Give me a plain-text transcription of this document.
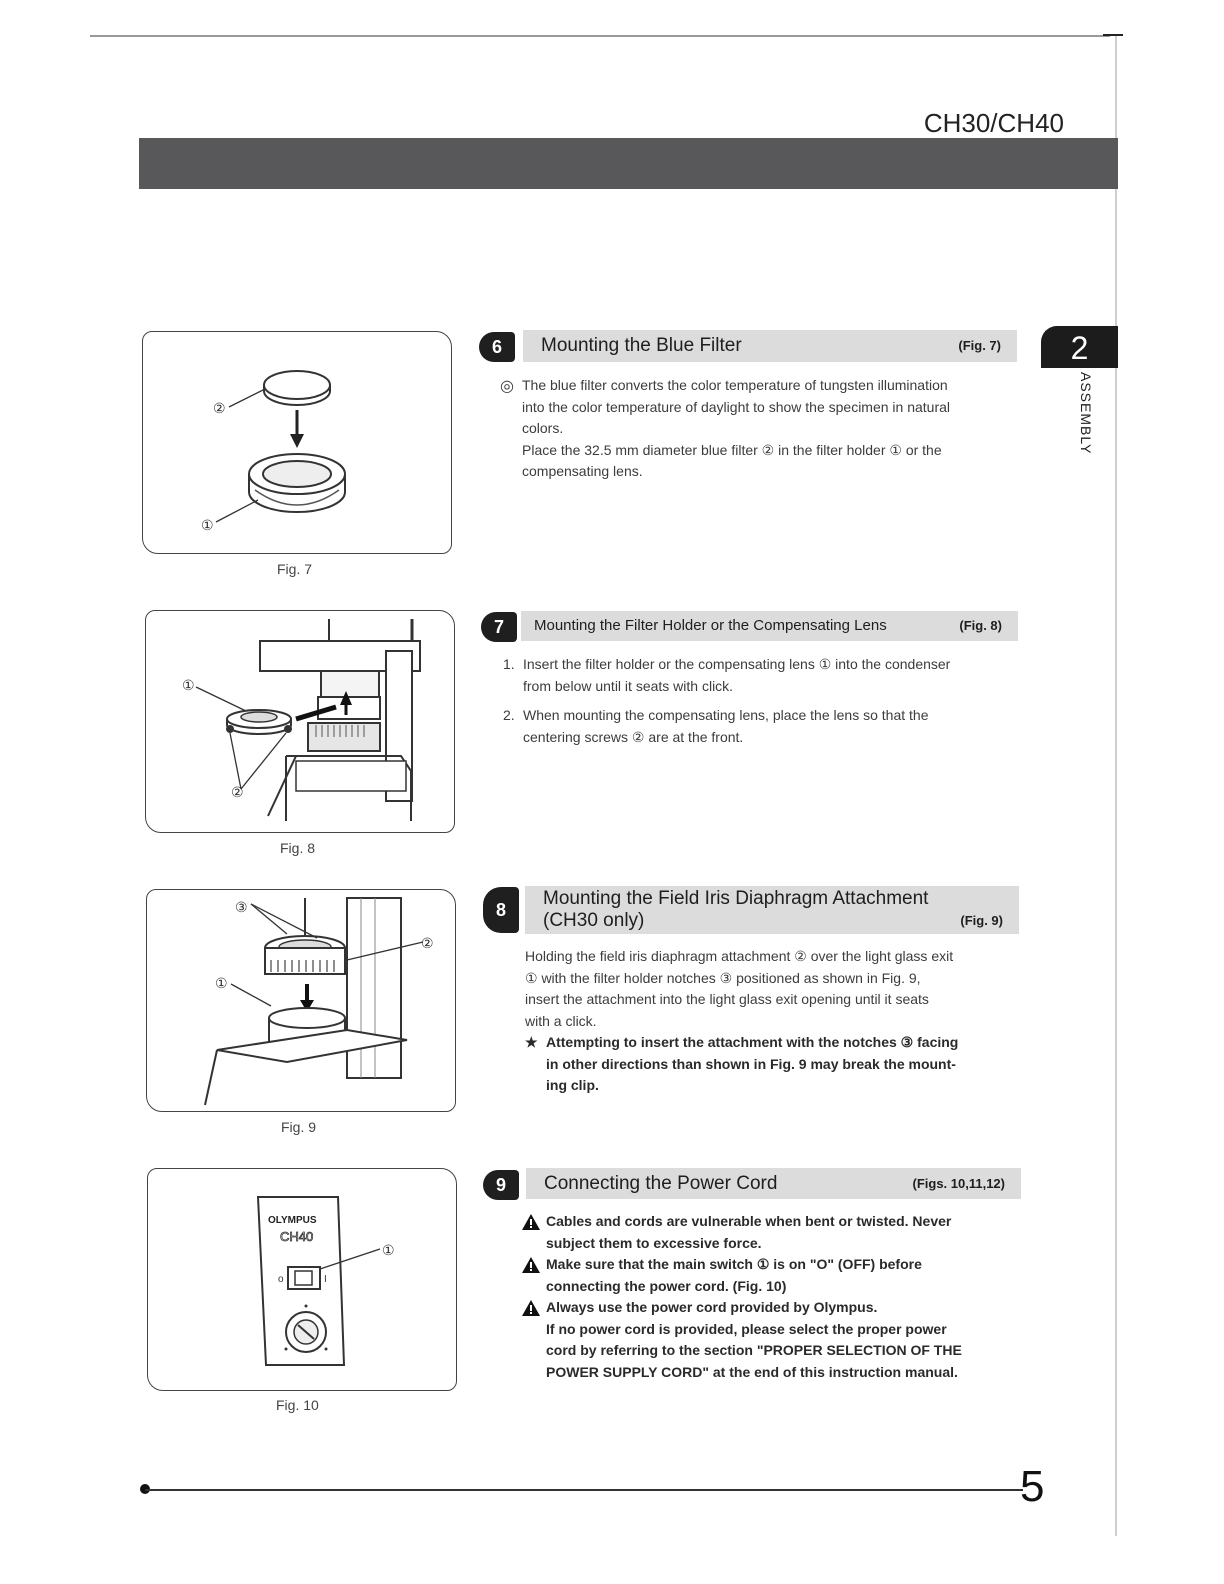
CH30/CH40
2
ASSEMBLY
②
①
Fig. 7
①
②
Fig. 8
③
①
②
Fig. 9
OLYMPUS
CH40
o	I
①
Fig. 10
6	Mounting the Blue Filter	(Fig. 7)
◎ The blue filter converts the color temperature of tungsten illumination
into the color temperature of daylight to show the specimen in natural
colors.
Place the 32.5 mm diameter blue filter ② in the filter holder ① or the
compensating lens.
7	Mounting the Filter Holder or the Compensating Lens	(Fig. 8)
1. Insert the filter holder or the compensating lens ① into the condenser
from below until it seats with click.
2. When mounting the compensating lens, place the lens so that the
centering screws ② are at the front.
8
Mounting the Field Iris Diaphragm Attachment
(CH30 only)	(Fig. 9)
Holding the field iris diaphragm attachment ② over the light glass exit
① with the filter holder notches ③ positioned as shown in Fig. 9,
insert the attachment into the light glass exit opening until it seats
with a click.
★ Attempting to insert the attachment with the notches ③ facing
in other directions than shown in Fig. 9 may break the mount-
ing clip.
9	Connecting the Power Cord	(Figs. 10,11,12)
Cables and cords are vulnerable when bent or twisted. Never
subject them to excessive force.
Make sure that the main switch ① is on "O" (OFF) before
connecting the power cord. (Fig. 10)
Always use the power cord provided by Olympus.
If no power cord is provided, please select the proper power
cord by referring to the section "PROPER SELECTION OF THE
POWER SUPPLY CORD" at the end of this instruction manual.
5
